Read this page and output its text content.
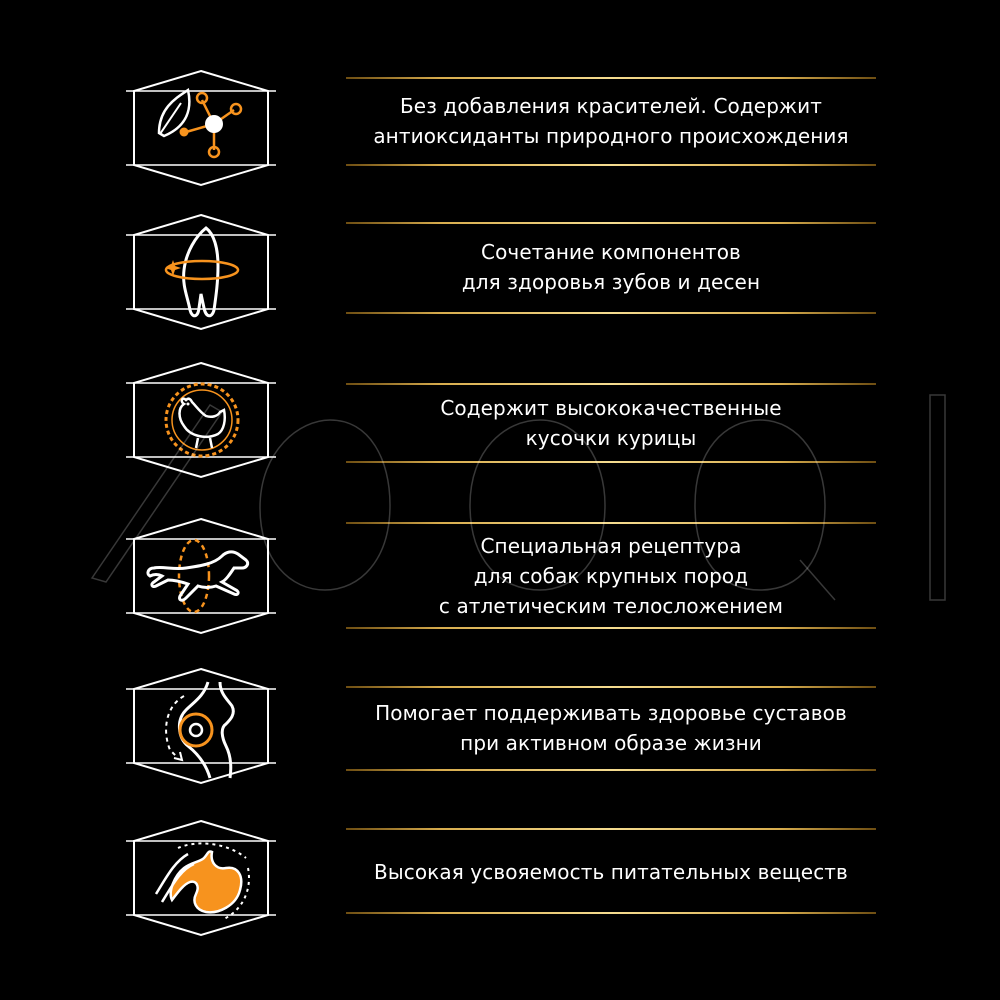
Без добавления красителей. Содержит
антиоксиданты природного происхождения
Сочетание компонентов
для здоровья зубов и десен
Содержит высококачественные
кусочки курицы
Специальная рецептура
для собак крупных пород
с атлетическим телосложением
Помогает поддерживать здоровье суставов
при активном образе жизни
Высокая усвояемость питательных веществ
